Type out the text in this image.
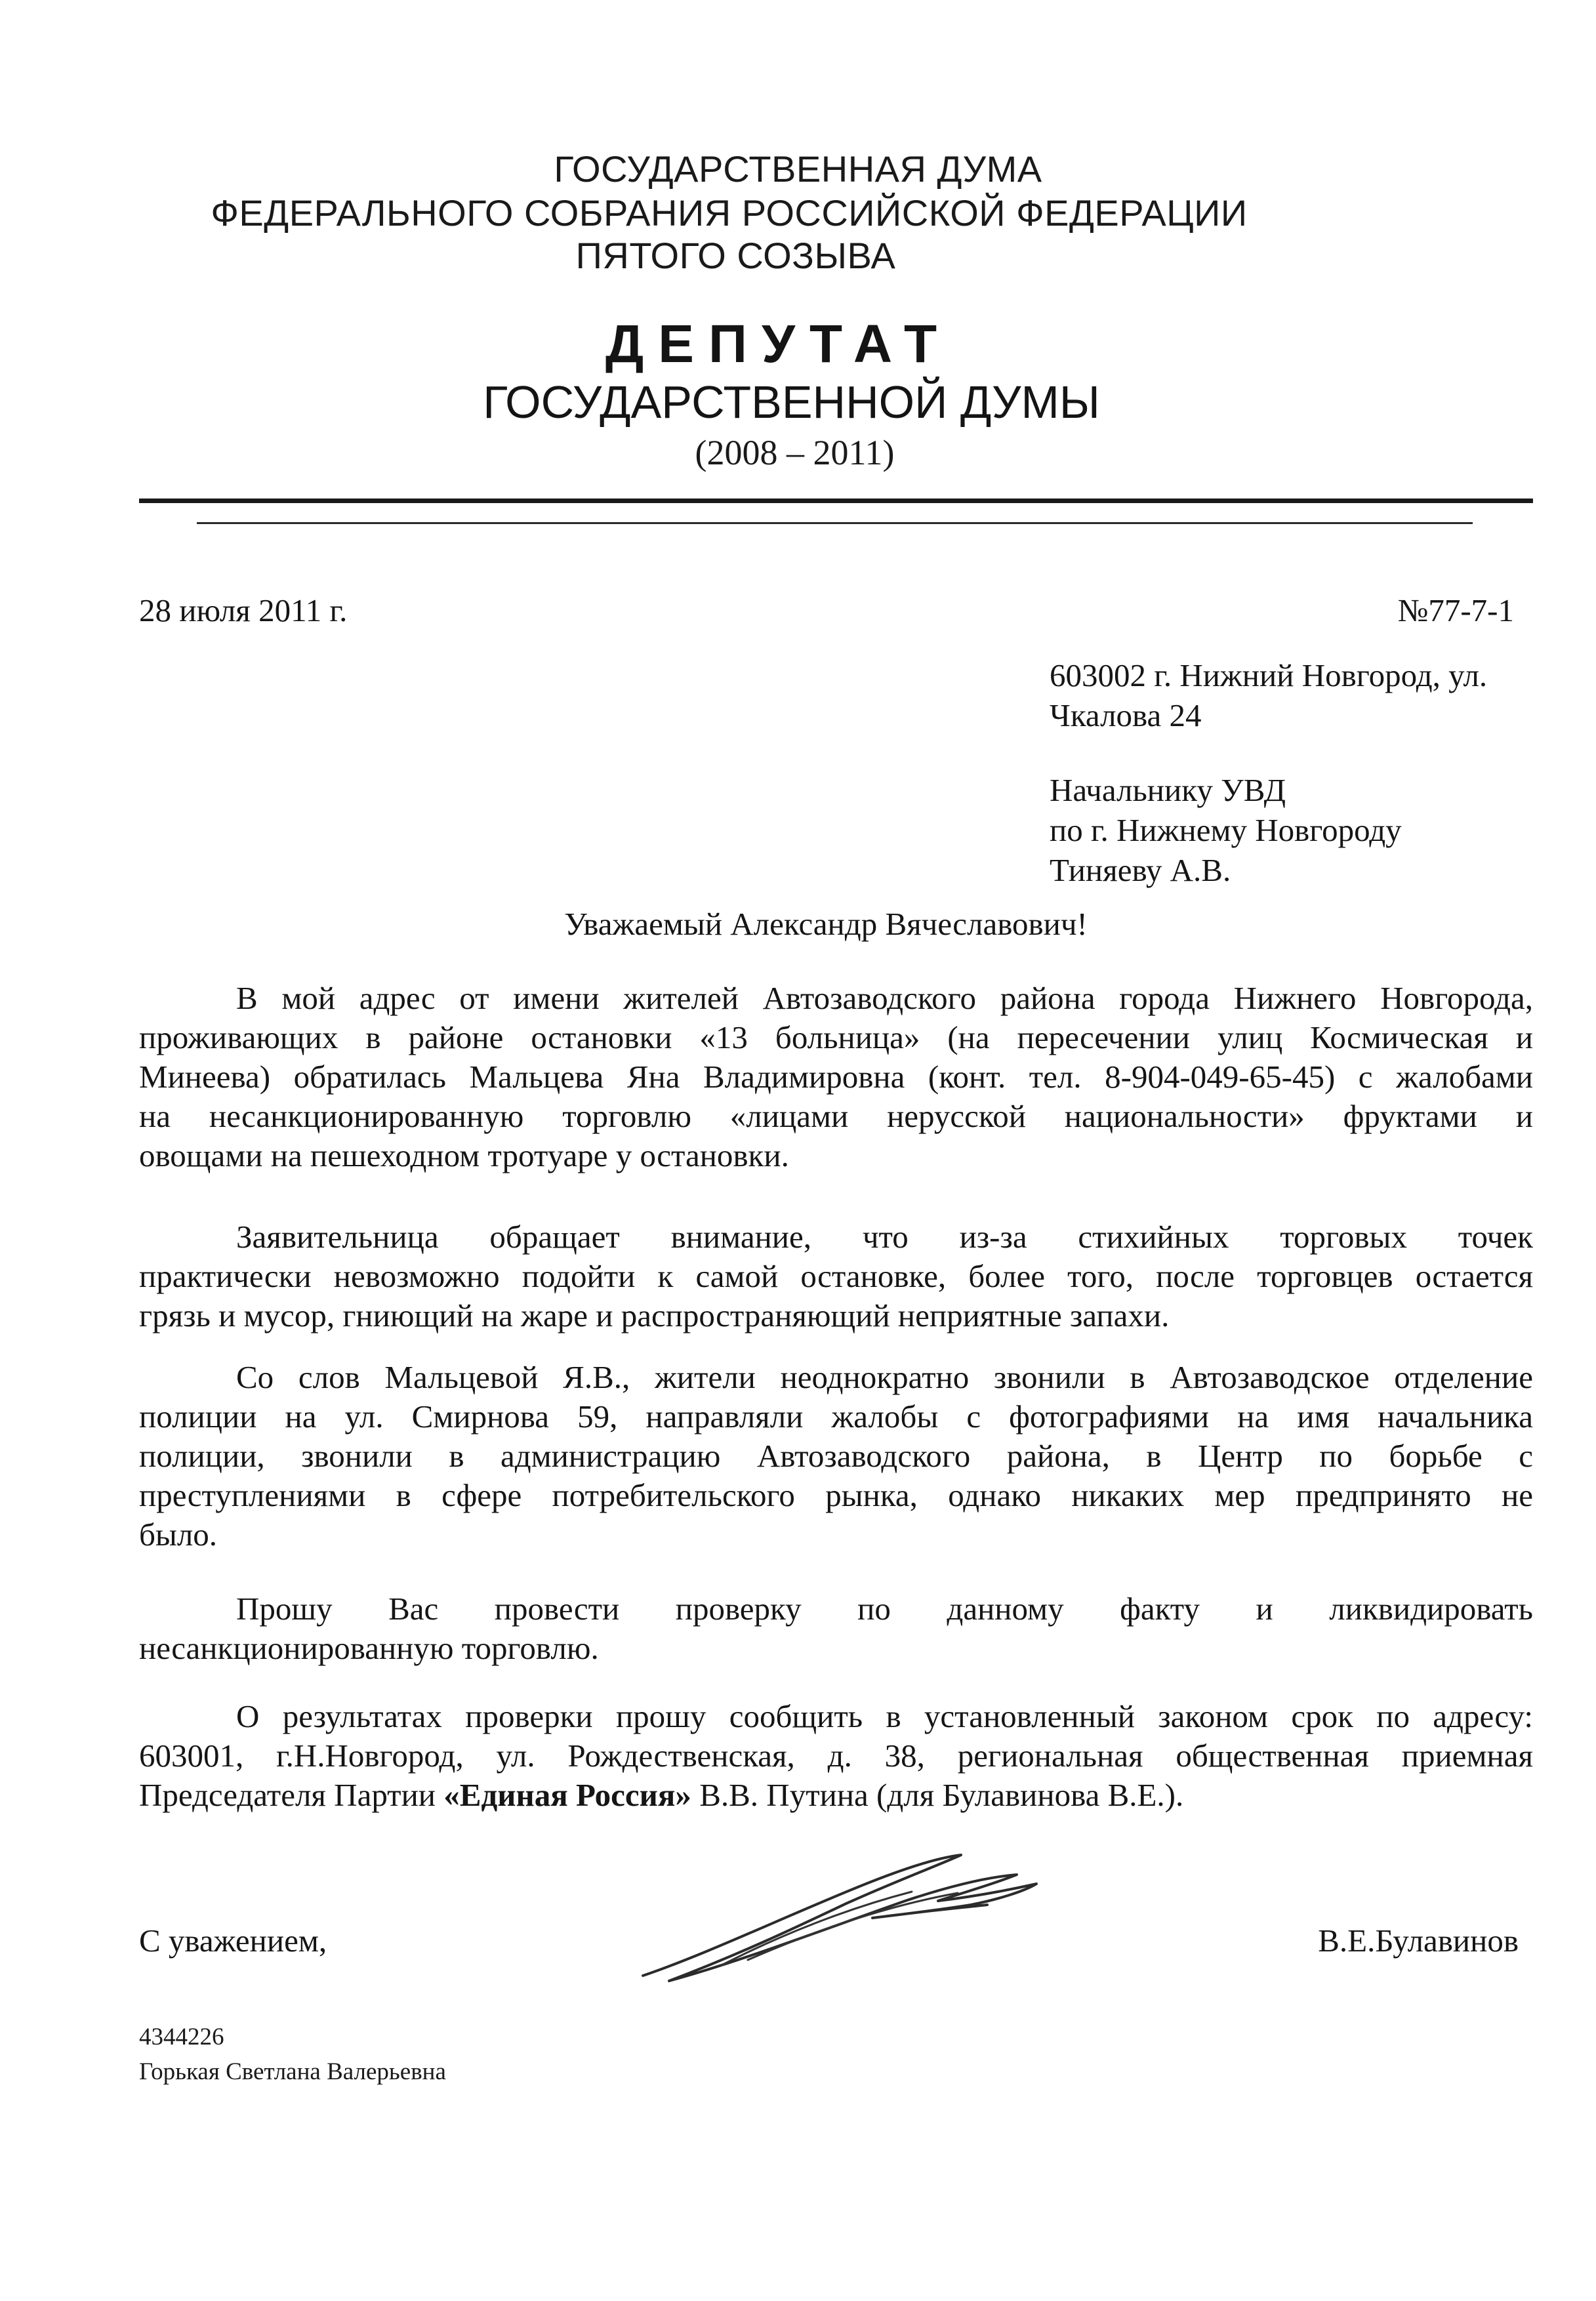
ГОСУДАРСТВЕННАЯ ДУМА
ФЕДЕРАЛЬНОГО СОБРАНИЯ РОССИЙСКОЙ ФЕДЕРАЦИИ
ПЯТОГО СОЗЫВА
ДЕПУТАТ
ГОСУДАРСТВЕННОЙ ДУМЫ
(2008 – 2011)
28 июля 2011 г.	№77-7-1
603002 г. Нижний Новгород, ул.
Чкалова 24
Начальнику УВД
по г. Нижнему Новгороду
Тиняеву А.В.
Уважаемый Александр Вячеславович!
В мой адрес от имени жителей Автозаводского района города Нижнего Новгорода,
проживающих в районе остановки «13 больница» (на пересечении улиц Космическая и
Минеева) обратилась Мальцева Яна Владимировна (конт. тел. 8-904-049-65-45) с жалобами
на несанкционированную торговлю «лицами нерусской национальности» фруктами и
овощами на пешеходном тротуаре у остановки.
Заявительница обращает внимание, что из-за стихийных торговых точек
практически невозможно подойти к самой остановке, более того, после торговцев остается
грязь и мусор, гниющий на жаре и распространяющий неприятные запахи.
Со слов Мальцевой Я.В., жители неоднократно звонили в Автозаводское отделение
полиции на ул. Смирнова 59, направляли жалобы с фотографиями на имя начальника
полиции, звонили в администрацию Автозаводского района, в Центр по борьбе с
преступлениями в сфере потребительского рынка, однако никаких мер предпринято не
было.
Прошу Вас провести проверку по данному факту и ликвидировать
несанкционированную торговлю.
О результатах проверки прошу сообщить в установленный законом срок по адресу:
603001, г.Н.Новгород, ул. Рождественская, д. 38, региональная общественная приемная
Председателя Партии «Единая Россия» В.В. Путина (для Булавинова В.Е.).
С уважением,	В.Е.Булавинов
4344226
Горькая Светлана Валерьевна
